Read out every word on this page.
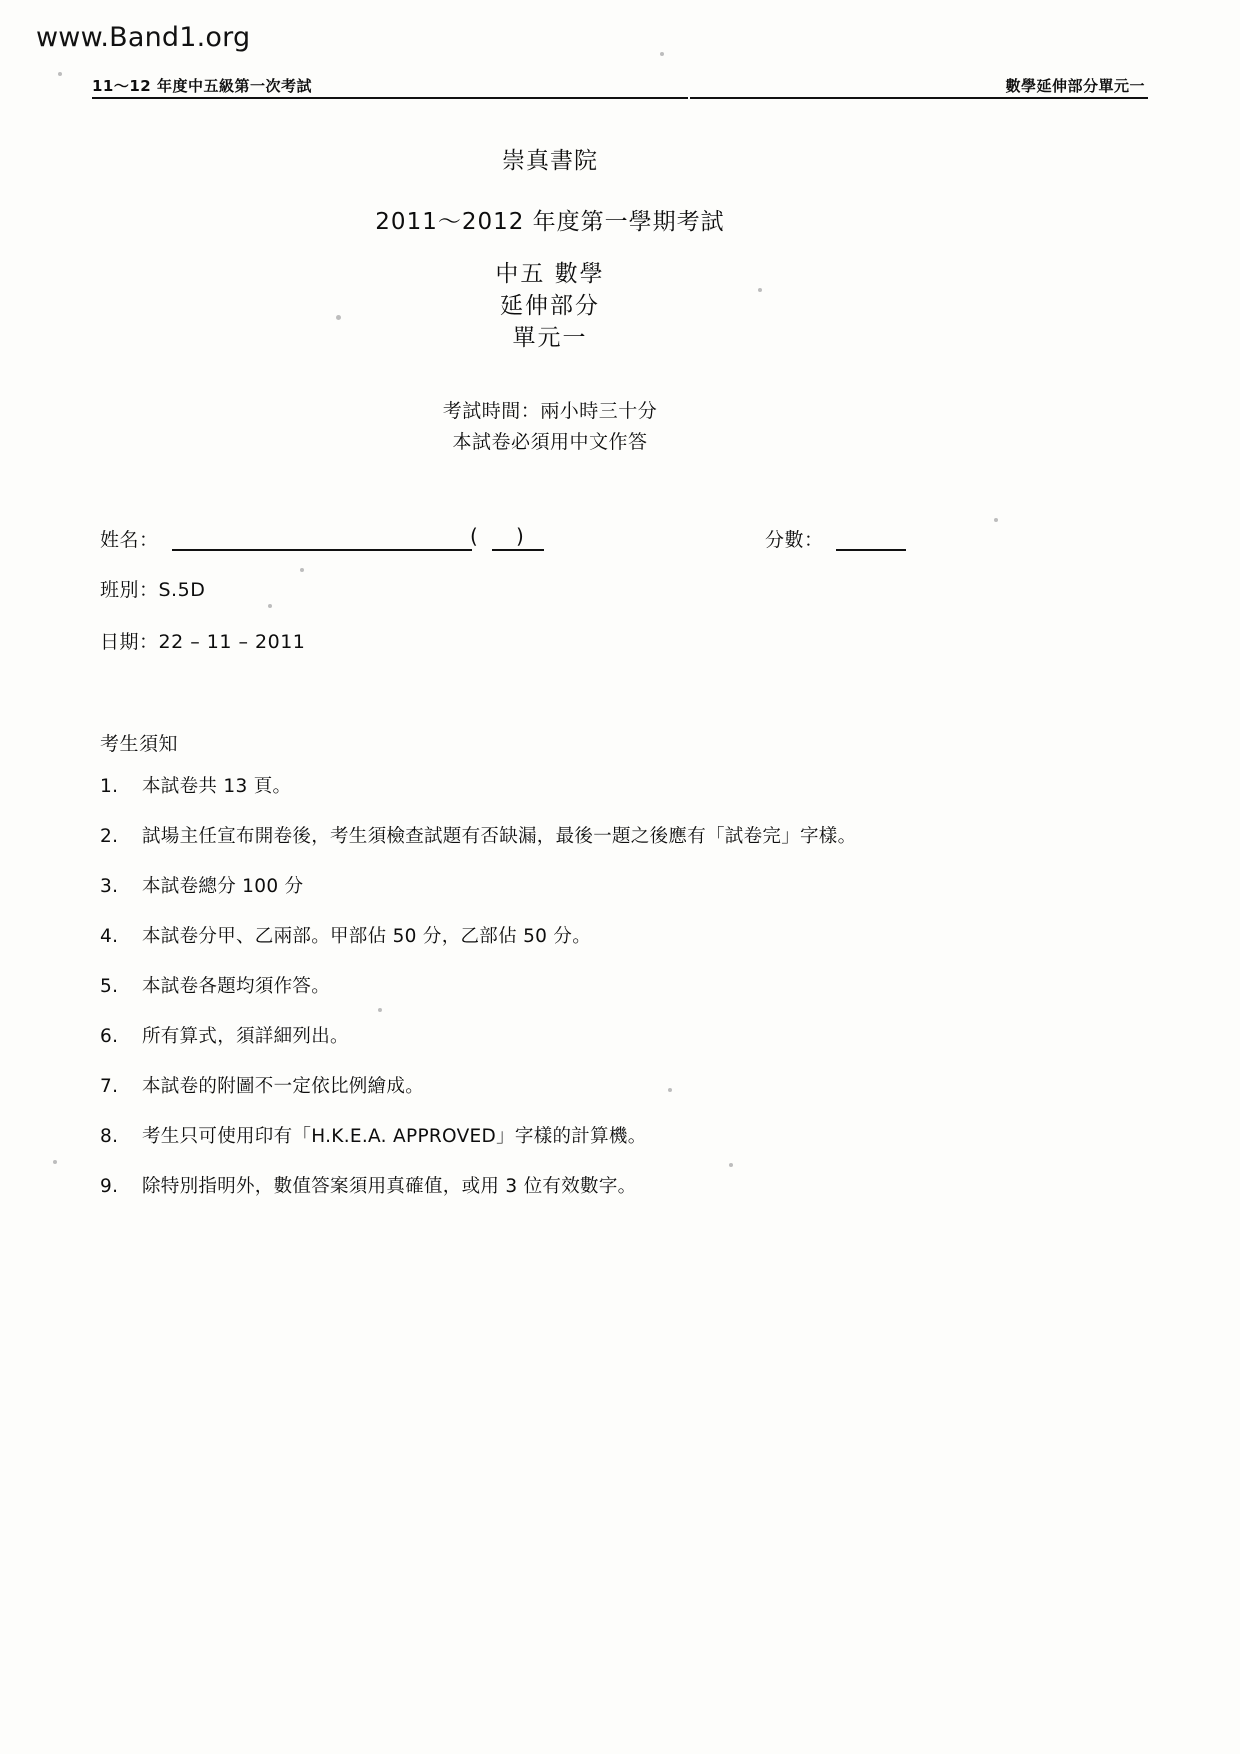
www.Band1.org
11～12 年度中五級第一次考試	數學延伸部分單元一
崇真書院
2011～2012 年度第一學期考試
中五 數學
延伸部分
單元一
考試時間：兩小時三十分
本試卷必須用中文作答
姓名：	(      )	分數：
班別：S.5D
日期：22 – 11 – 2011
考生須知
1.	本試卷共 13 頁。
2.	試場主任宣布開卷後，考生須檢查試題有否缺漏，最後一題之後應有「試卷完」字樣。
3.	本試卷總分 100 分
4.	本試卷分甲、乙兩部。甲部佔 50 分，乙部佔 50 分。
5.	本試卷各題均須作答。
6.	所有算式，須詳細列出。
7.	本試卷的附圖不一定依比例繪成。
8.	考生只可使用印有「H.K.E.A. APPROVED」字樣的計算機。
9.	除特別指明外，數值答案須用真確值，或用 3 位有效數字。
